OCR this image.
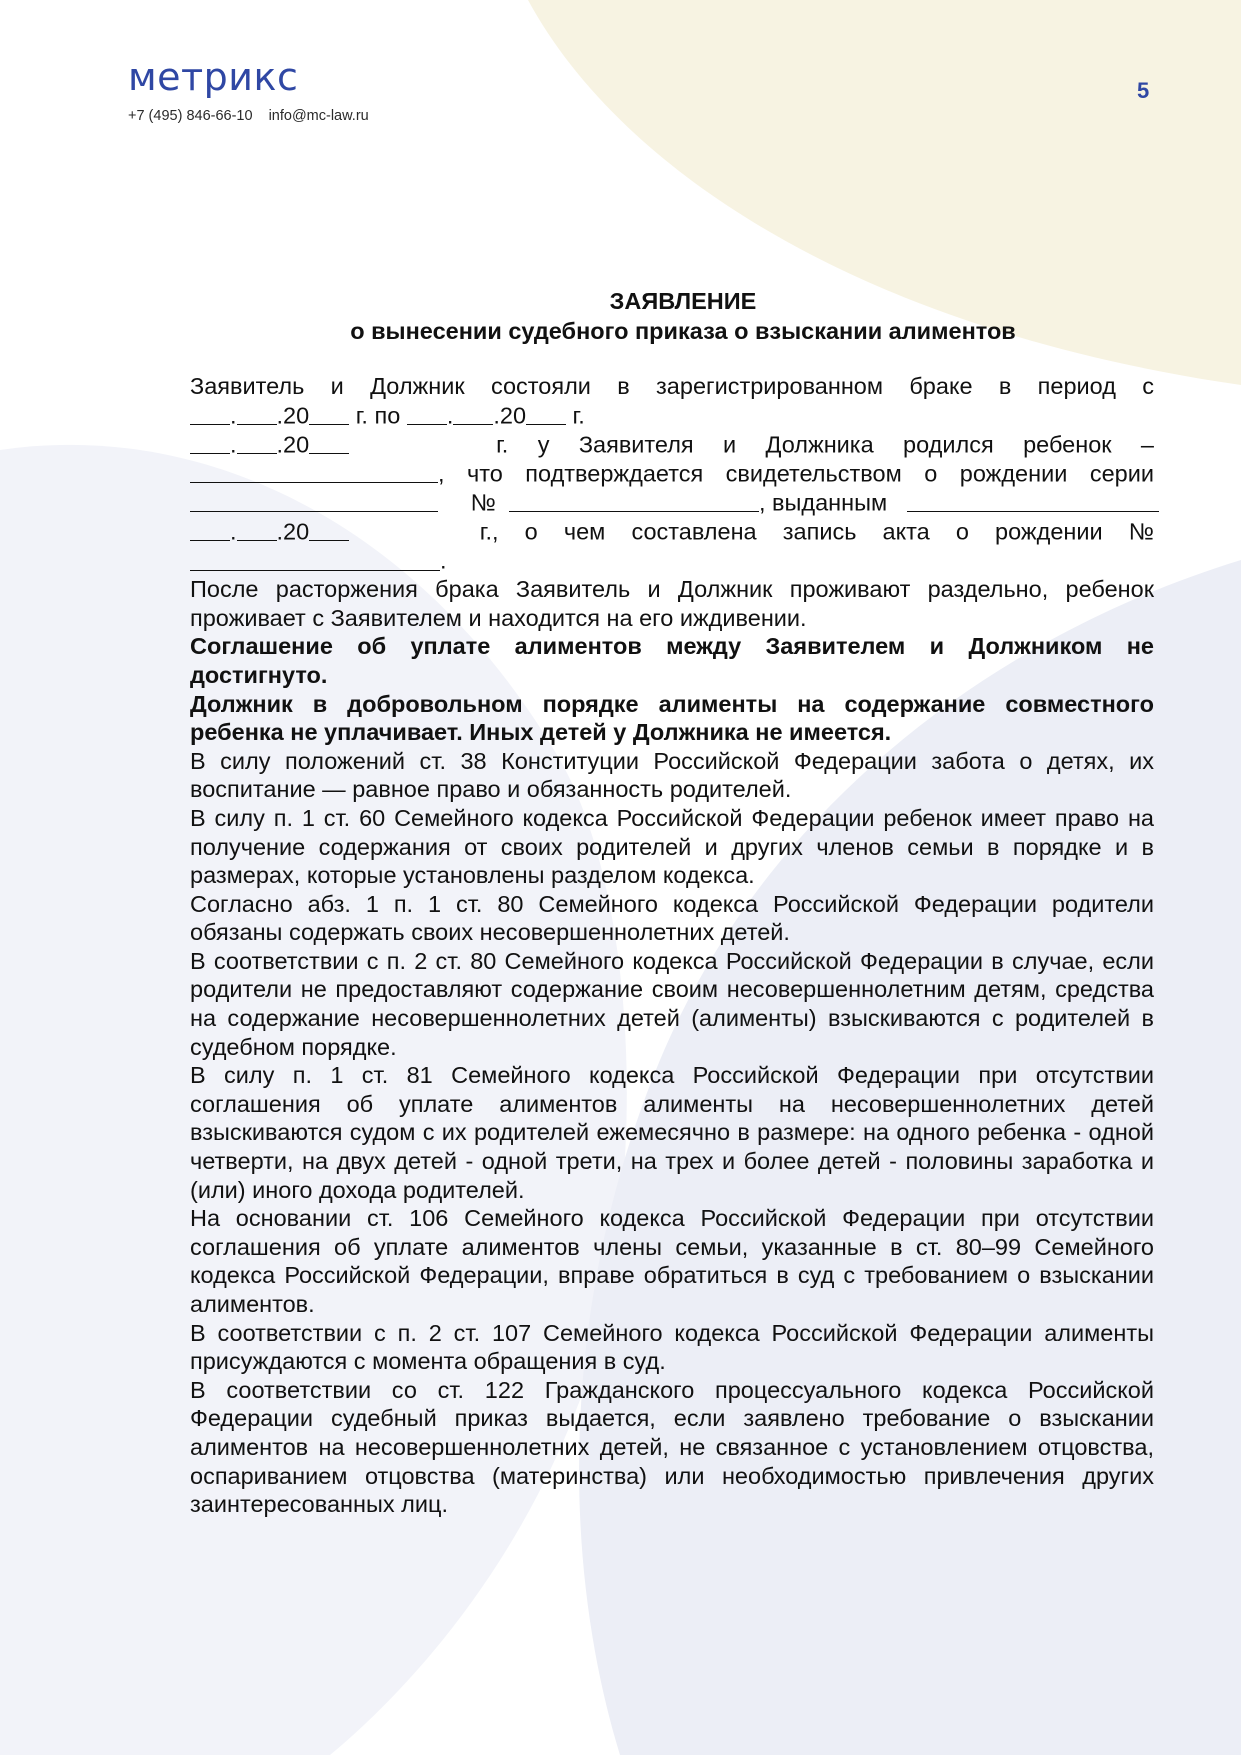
метрикс
+7 (495) 846-66-10 info@mc-law.ru
5
ЗАЯВЛЕНИЕ
о вынесении судебного приказа о взыскании алиментов
Заявитель и Должник состояли в зарегистрированном браке в период с
. .20 г. по . .20 г.
. .20	г. у Заявителя и Должника родился ребенок –
, что подтверждается свидетельством о рождении серии
№	, выданным
. .20	г., о чем составлена запись акта о рождении №
.

После расторжения брака Заявитель и Должник проживают раздельно, ребенок проживает с Заявителем и находится на его иждивении.

Соглашение об уплате алиментов между Заявителем и Должником не достигнуто.

Должник в добровольном порядке алименты на содержание совместного ребенка не уплачивает. Иных детей у Должника не имеется.

В силу положений ст. 38 Конституции Российской Федерации забота о детях, их воспитание — равное право и обязанность родителей.

В силу п. 1 ст. 60 Семейного кодекса Российской Федерации ребенок имеет право на получение содержания от своих родителей и других членов семьи в порядке и в размерах, которые установлены разделом кодекса.

Согласно абз. 1 п. 1 ст. 80 Семейного кодекса Российской Федерации родители обязаны содержать своих несовершеннолетних детей.

В соответствии с п. 2 ст. 80 Семейного кодекса Российской Федерации в случае, если родители не предоставляют содержание своим несовершеннолетним детям, средства на содержание несовершеннолетних детей (алименты) взыскиваются с родителей в судебном порядке.

В силу п. 1 ст. 81 Семейного кодекса Российской Федерации при отсутствии соглашения об уплате алиментов алименты на несовершеннолетних детей взыскиваются судом с их родителей ежемесячно в размере: на одного ребенка - одной четверти, на двух детей - одной трети, на трех и более детей - половины заработка и (или) иного дохода родителей.

На основании ст. 106 Семейного кодекса Российской Федерации при отсутствии соглашения об уплате алиментов члены семьи, указанные в ст. 80–99 Семейного кодекса Российской Федерации, вправе обратиться в суд с требованием о взыскании алиментов.

В соответствии с п. 2 ст. 107 Семейного кодекса Российской Федерации алименты присуждаются с момента обращения в суд.

В соответствии со ст. 122 Гражданского процессуального кодекса Российской Федерации судебный приказ выдается, если заявлено требование о взыскании алиментов на несовершеннолетних детей, не связанное с установлением отцовства, оспариванием отцовства (материнства) или необходимостью привлечения других заинтересованных лиц.
